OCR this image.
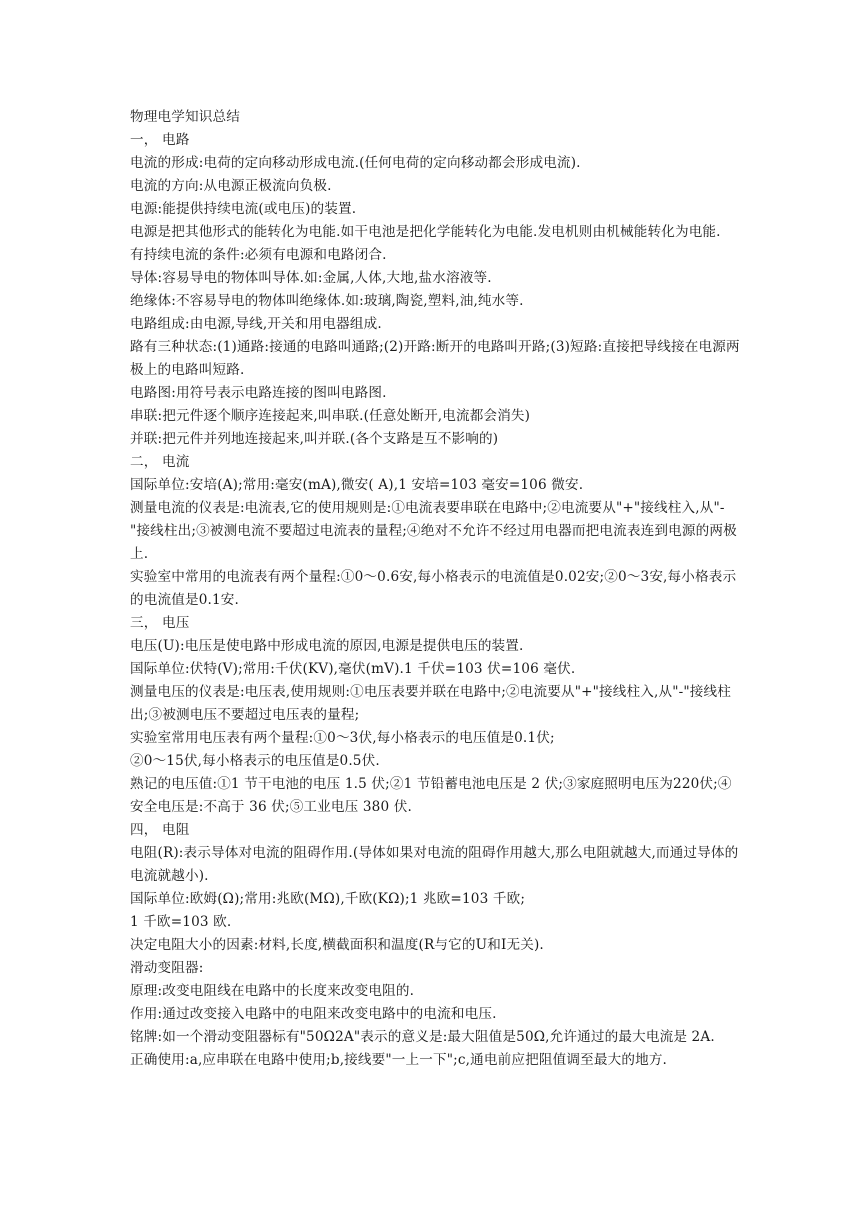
物理电学知识总结

一， 电路

电流的形成:电荷的定向移动形成电流.(任何电荷的定向移动都会形成电流).

电流的方向:从电源正极流向负极.

电源:能提供持续电流(或电压)的装置.

电源是把其他形式的能转化为电能.如干电池是把化学能转化为电能.发电机则由机械能转化为电能.

有持续电流的条件:必须有电源和电路闭合.

导体:容易导电的物体叫导体.如:金属,人体,大地,盐水溶液等.

绝缘体:不容易导电的物体叫绝缘体.如:玻璃,陶瓷,塑料,油,纯水等.

电路组成:由电源,导线,开关和用电器组成.

路有三种状态:(1)通路:接通的电路叫通路;(2)开路:断开的电路叫开路;(3)短路:直接把导线接在电源两极上的电路叫短路.

电路图:用符号表示电路连接的图叫电路图.

串联:把元件逐个顺序连接起来,叫串联.(任意处断开,电流都会消失)

并联:把元件并列地连接起来,叫并联.(各个支路是互不影响的)

二， 电流

国际单位:安培(A);常用:毫安(mA),微安( A),1 安培=103 毫安=106 微安.

测量电流的仪表是:电流表,它的使用规则是:①电流表要串联在电路中;②电流要从"+"接线柱入,从"-"接线柱出;③被测电流不要超过电流表的量程;④绝对不允许不经过用电器而把电流表连到电源的两极上.

实验室中常用的电流表有两个量程:①0～0.6安,每小格表示的电流值是0.02安;②0～3安,每小格表示的电流值是0.1安.

三， 电压

电压(U):电压是使电路中形成电流的原因,电源是提供电压的装置.

国际单位:伏特(V);常用:千伏(KV),毫伏(mV).1 千伏=103 伏=106 毫伏.

测量电压的仪表是:电压表,使用规则:①电压表要并联在电路中;②电流要从"+"接线柱入,从"-"接线柱出;③被测电压不要超过电压表的量程;

实验室常用电压表有两个量程:①0～3伏,每小格表示的电压值是0.1伏;

②0～15伏,每小格表示的电压值是0.5伏.

熟记的电压值:①1 节干电池的电压 1.5 伏;②1 节铅蓄电池电压是 2 伏;③家庭照明电压为220伏;④安全电压是:不高于 36 伏;⑤工业电压 380 伏.

四， 电阻

电阻(R):表示导体对电流的阻碍作用.(导体如果对电流的阻碍作用越大,那么电阻就越大,而通过导体的电流就越小).

国际单位:欧姆(Ω);常用:兆欧(MΩ),千欧(KΩ);1 兆欧=103 千欧;

1 千欧=103 欧.

决定电阻大小的因素:材料,长度,横截面积和温度(R与它的U和I无关).

滑动变阻器:

原理:改变电阻线在电路中的长度来改变电阻的.

作用:通过改变接入电路中的电阻来改变电路中的电流和电压.

铭牌:如一个滑动变阻器标有"50Ω2A"表示的意义是:最大阻值是50Ω,允许通过的最大电流是 2A.

正确使用:a,应串联在电路中使用;b,接线要"一上一下";c,通电前应把阻值调至最大的地方.
